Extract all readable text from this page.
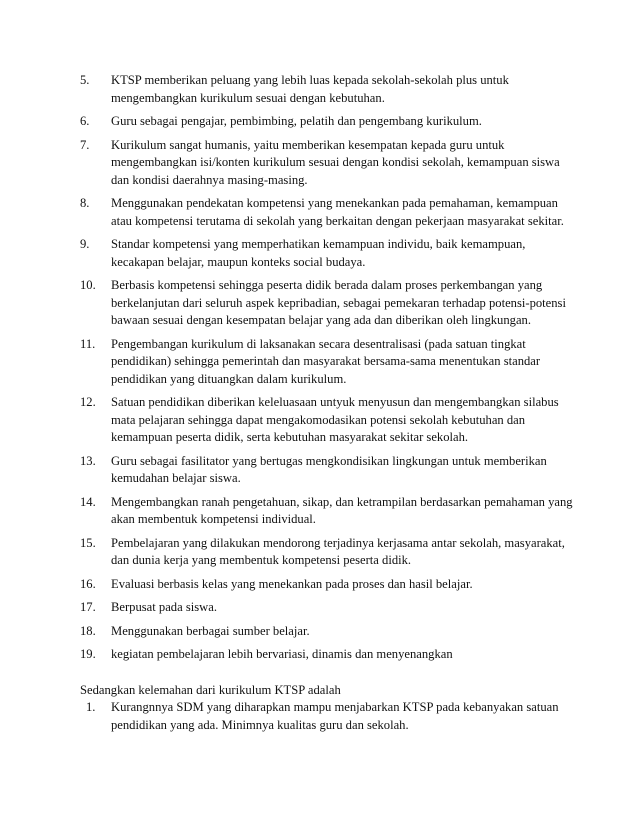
5.	KTSP memberikan peluang yang lebih luas kepada sekolah-sekolah plus untuk mengembangkan kurikulum sesuai dengan kebutuhan.
6.	Guru sebagai pengajar, pembimbing, pelatih dan pengembang kurikulum.
7.	Kurikulum sangat humanis, yaitu memberikan kesempatan kepada guru untuk mengembangkan isi/konten kurikulum sesuai dengan kondisi sekolah, kemampuan siswa dan kondisi daerahnya masing-masing.
8.	Menggunakan pendekatan kompetensi yang menekankan pada pemahaman, kemampuan atau kompetensi terutama di sekolah yang berkaitan dengan pekerjaan masyarakat sekitar.
9.	Standar kompetensi yang memperhatikan kemampuan individu, baik kemampuan, kecakapan belajar, maupun konteks social budaya.
10.	Berbasis kompetensi sehingga peserta didik berada dalam proses perkembangan yang berkelanjutan dari seluruh aspek kepribadian, sebagai pemekaran terhadap potensi-potensi bawaan sesuai dengan kesempatan belajar yang ada dan diberikan oleh lingkungan.
11.	Pengembangan kurikulum di laksanakan secara desentralisasi (pada satuan tingkat pendidikan) sehingga pemerintah dan masyarakat bersama-sama menentukan standar pendidikan yang dituangkan dalam kurikulum.
12.	Satuan pendidikan diberikan keleluasaan untyuk menyusun dan mengembangkan silabus mata pelajaran sehingga dapat mengakomodasikan potensi sekolah kebutuhan dan kemampuan peserta didik, serta kebutuhan masyarakat sekitar sekolah.
13.	Guru sebagai fasilitator yang bertugas mengkondisikan lingkungan untuk memberikan kemudahan belajar siswa.
14.	Mengembangkan ranah pengetahuan, sikap, dan ketrampilan berdasarkan pemahaman yang akan membentuk kompetensi individual.
15.	Pembelajaran yang dilakukan mendorong terjadinya kerjasama antar sekolah, masyarakat, dan dunia kerja yang membentuk kompetensi peserta didik.
16.	Evaluasi berbasis kelas yang menekankan pada proses dan hasil belajar.
17.	Berpusat pada siswa.
18.	Menggunakan berbagai sumber belajar.
19.	kegiatan pembelajaran lebih bervariasi, dinamis dan menyenangkan
Sedangkan kelemahan dari kurikulum KTSP adalah
1.	Kurangnnya SDM yang diharapkan mampu menjabarkan KTSP pada kebanyakan satuan pendidikan yang ada. Minimnya kualitas guru dan sekolah.
